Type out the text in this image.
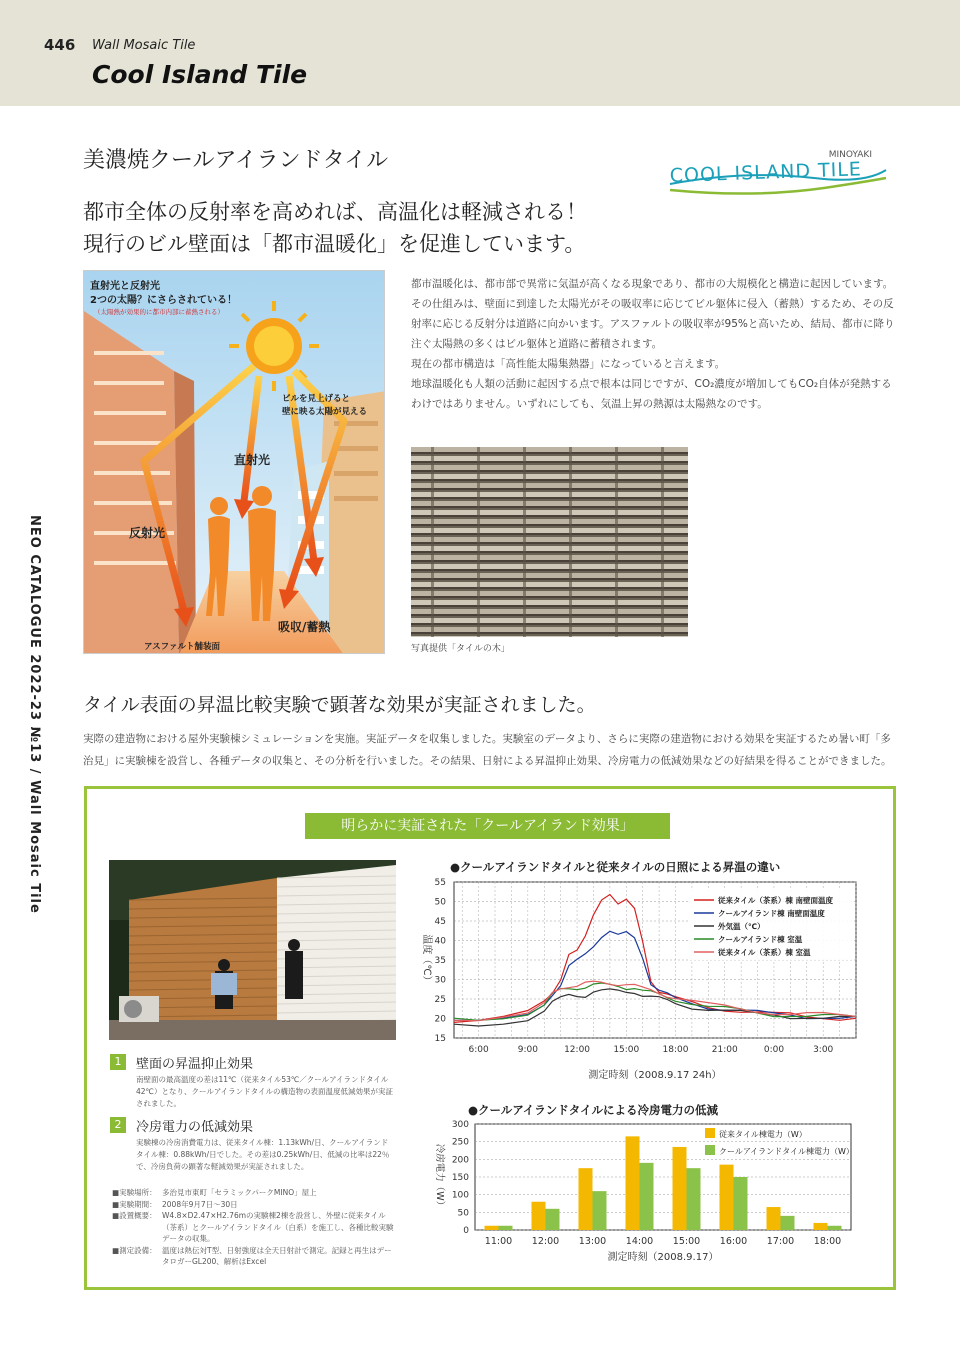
446 Wall Mosaic Tile
Cool Island Tile
NEO CATALOGUE 2022-23 №13 / Wall Mosaic Tile
美濃焼クールアイランドタイル	MINOYAKI
COOL ISLAND TILE
都市全体の反射率を高めれば、高温化は軽減される！
現行のビル壁面は「都市温暖化」を促進しています。
直射光と反射光
2つの太陽？にさらされている！
（太陽熱が効果的に都市内部に蓄熱される）
ビルを見上げると
壁に映る太陽が見える
直射光
反射光
吸収/蓄熱
アスファルト舗装面

都市温暖化は、都市部で異常に気温が高くなる現象であり、都市の大規模化と構造に起因しています。その仕組みは、壁面に到達した太陽光がその吸収率に応じてビル躯体に侵入（蓄熱）するため、その反射率に応じる反射分は道路に向かいます。アスファルトの吸収率が95%と高いため、結局、都市に降り注ぐ太陽熱の多くはビル躯体と道路に蓄積されます。

現在の都市構造は「高性能太陽集熱器」になっていると言えます。

地球温暖化も人類の活動に起因する点で根本は同じですが、CO₂濃度が増加してもCO₂自体が発熱するわけではありません。いずれにしても、気温上昇の熱源は太陽熱なのです。

写真提供「タイルの木」
タイル表面の昇温比較実験で顕著な効果が実証されました。
実際の建造物における屋外実験棟シミュレーションを実施。実証データを収集しました。実験室のデータより、さらに実際の建造物における効果を実証するため暑い町「多治見」に実験棟を設営し、各種データの収集と、その分析を行いました。その結果、日射による昇温抑止効果、冷房電力の低減効果などの好結果を得ることができました。
明らかに実証された「クールアイランド効果」
1	壁面の昇温抑止効果
南壁面の最高温度の差は11℃（従来タイル53℃／クールアイランドタイル42℃）となり、クールアイランドタイルの構造物の表面温度低減効果が実証されました。
2	冷房電力の低減効果
実験棟の冷房消費電力は、従来タイル棟：1.13kWh/日、クールアイランドタイル棟：0.88kWh/日でした。その差は0.25kWh/日、低減の比率は22％で、冷房負荷の顕著な軽減効果が実証されました。
■実験場所： 多治見市東町「セラミックパークMINO」屋上
■実験期間： 2008年9月7日～30日
■設置概要： W4.8×D2.47×H2.76mの実験棟2棟を設営し、外壁に従来タイル（茶系）とクールアイランドタイル（白系）を施工し、各種比較実験データの収集。
■測定設備： 温度は熱伝対T型、日射強度は全天日射計で測定。記録と再生はデータロガーGL200、解析はExcel
●クールアイランドタイルと従来タイルの日照による昇温の違い
15
20
25
30
35
40
45
50
55
6:00	9:00	12:00	15:00	18:00	21:00	0:00	3:00
従来タイル（茶系）棟 南壁面温度
クールアイランド棟 南壁面温度
外気温（℃）
クールアイランド棟 室温
従来タイル（茶系）棟 室温
温度（℃）
測定時刻（2008.9.17 24h）
●クールアイランドタイルによる冷房電力の低減
0
50
100
150
200
250
300
11:00 12:00 13:00 14:00 15:00 16:00 17:00 18:00
従来タイル棟電力（W）
クールアイランドタイル棟電力（W）
冷房電力（W）
測定時刻（2008.9.17）
